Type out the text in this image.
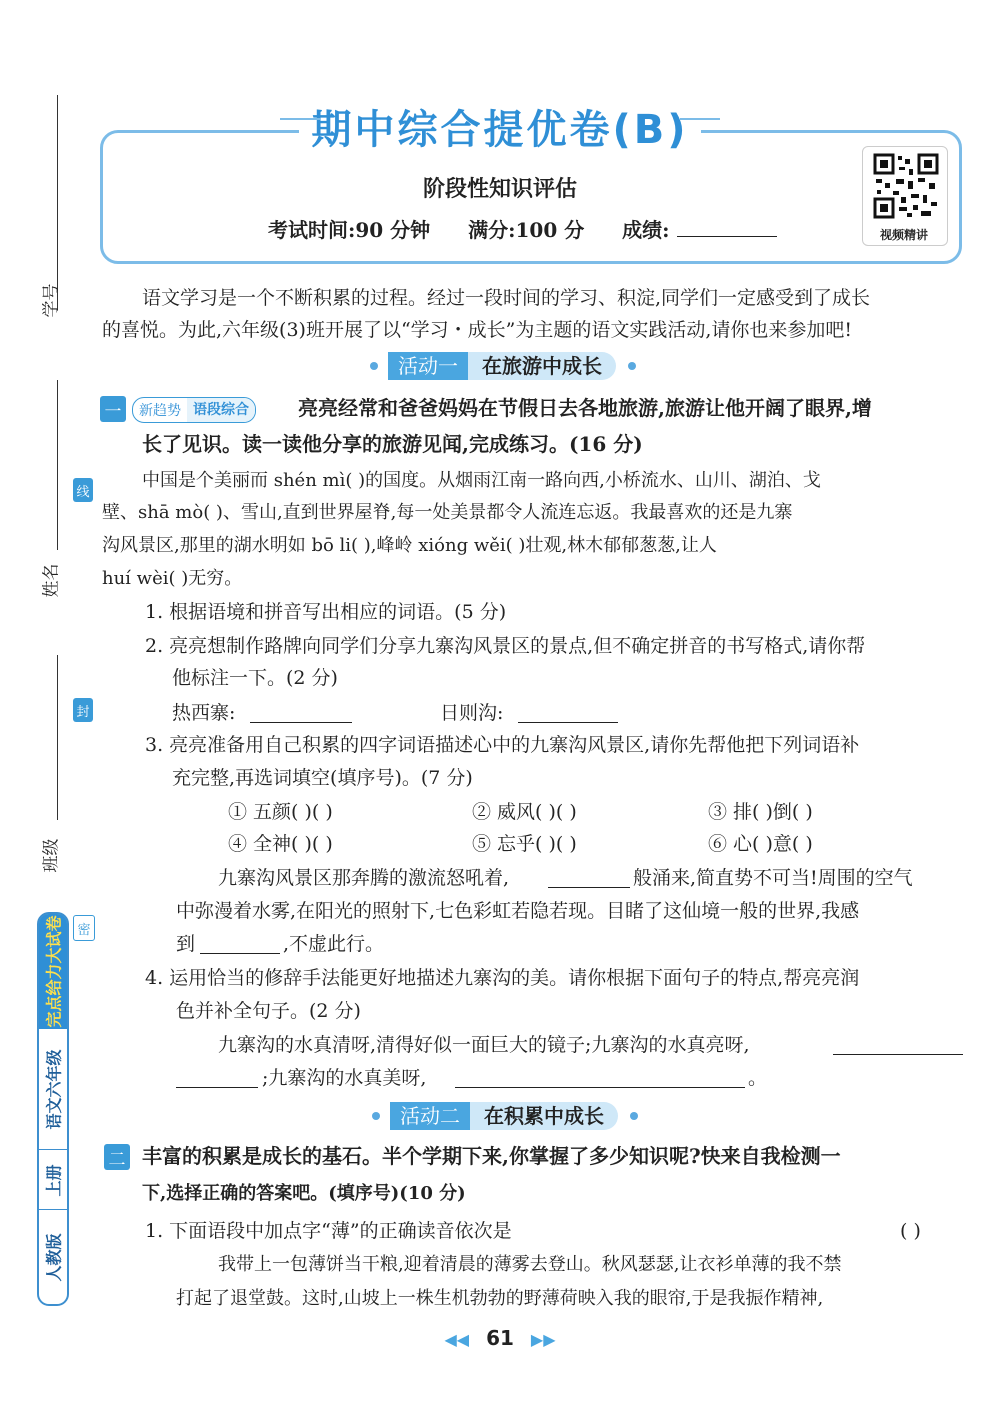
学号
线
姓名
封
班级
密
完点给力大试卷
语文六年级
上册
人教版
期中综合提优卷(B)
阶段性知识评估
考试时间:90 分钟 满分:100 分 成绩:	视频精讲
语文学习是一个不断积累的过程。经过一段时间的学习、积淀,同学们一定感受到了成长
的喜悦。为此,六年级(3)班开展了以“学习・成长”为主题的语文实践活动,请你也来参加吧!
活动一	在旅游中成长
一	新趋势 语段综合	亮亮经常和爸爸妈妈在节假日去各地旅游,旅游让他开阔了眼界,增
长了见识。读一读他分享的旅游见闻,完成练习。(16 分)
中国是个美丽而 shén mì( )的国度。从烟雨江南一路向西,小桥流水、山川、湖泊、戈
壁、shā mò( )、雪山,直到世界屋脊,每一处美景都令人流连忘返。我最喜欢的还是九寨
沟风景区,那里的湖水明如 bō li( ),峰岭 xióng wěi( )壮观,林木郁郁葱葱,让人
huí wèi( )无穷。
1. 根据语境和拼音写出相应的词语。(5 分)
2. 亮亮想制作路牌向同学们分享九寨沟风景区的景点,但不确定拼音的书写格式,请你帮
他标注一下。(2 分)
热西寨:	日则沟:
3. 亮亮准备用自己积累的四字词语描述心中的九寨沟风景区,请你先帮他把下列词语补
充完整,再选词填空(填序号)。(7 分)
① 五颜( )( )	② 威风( )( )	③ 排( )倒( )
④ 全神( )( )	⑤ 忘乎( )( )	⑥ 心( )意( )
九寨沟风景区那奔腾的激流怒吼着,	般涌来,简直势不可当!周围的空气
中弥漫着水雾,在阳光的照射下,七色彩虹若隐若现。目睹了这仙境一般的世界,我感
到	,不虚此行。
4. 运用恰当的修辞手法能更好地描述九寨沟的美。请你根据下面句子的特点,帮亮亮润
色并补全句子。(2 分)
九寨沟的水真清呀,清得好似一面巨大的镜子;九寨沟的水真亮呀,
;九寨沟的水真美呀,	。
活动二	在积累中成长
二 丰富的积累是成长的基石。半个学期下来,你掌握了多少知识呢?快来自我检测一
下,选择正确的答案吧。(填序号)(10 分)
1. 下面语段中加点字“薄”的正确读音依次是	( )
我带上一包薄饼当干粮,迎着清晨的薄雾去登山。秋风瑟瑟,让衣衫单薄的我不禁
打起了退堂鼓。这时,山坡上一株生机勃勃的野薄荷映入我的眼帘,于是我振作精神,
◀◀ 61 ▶▶
